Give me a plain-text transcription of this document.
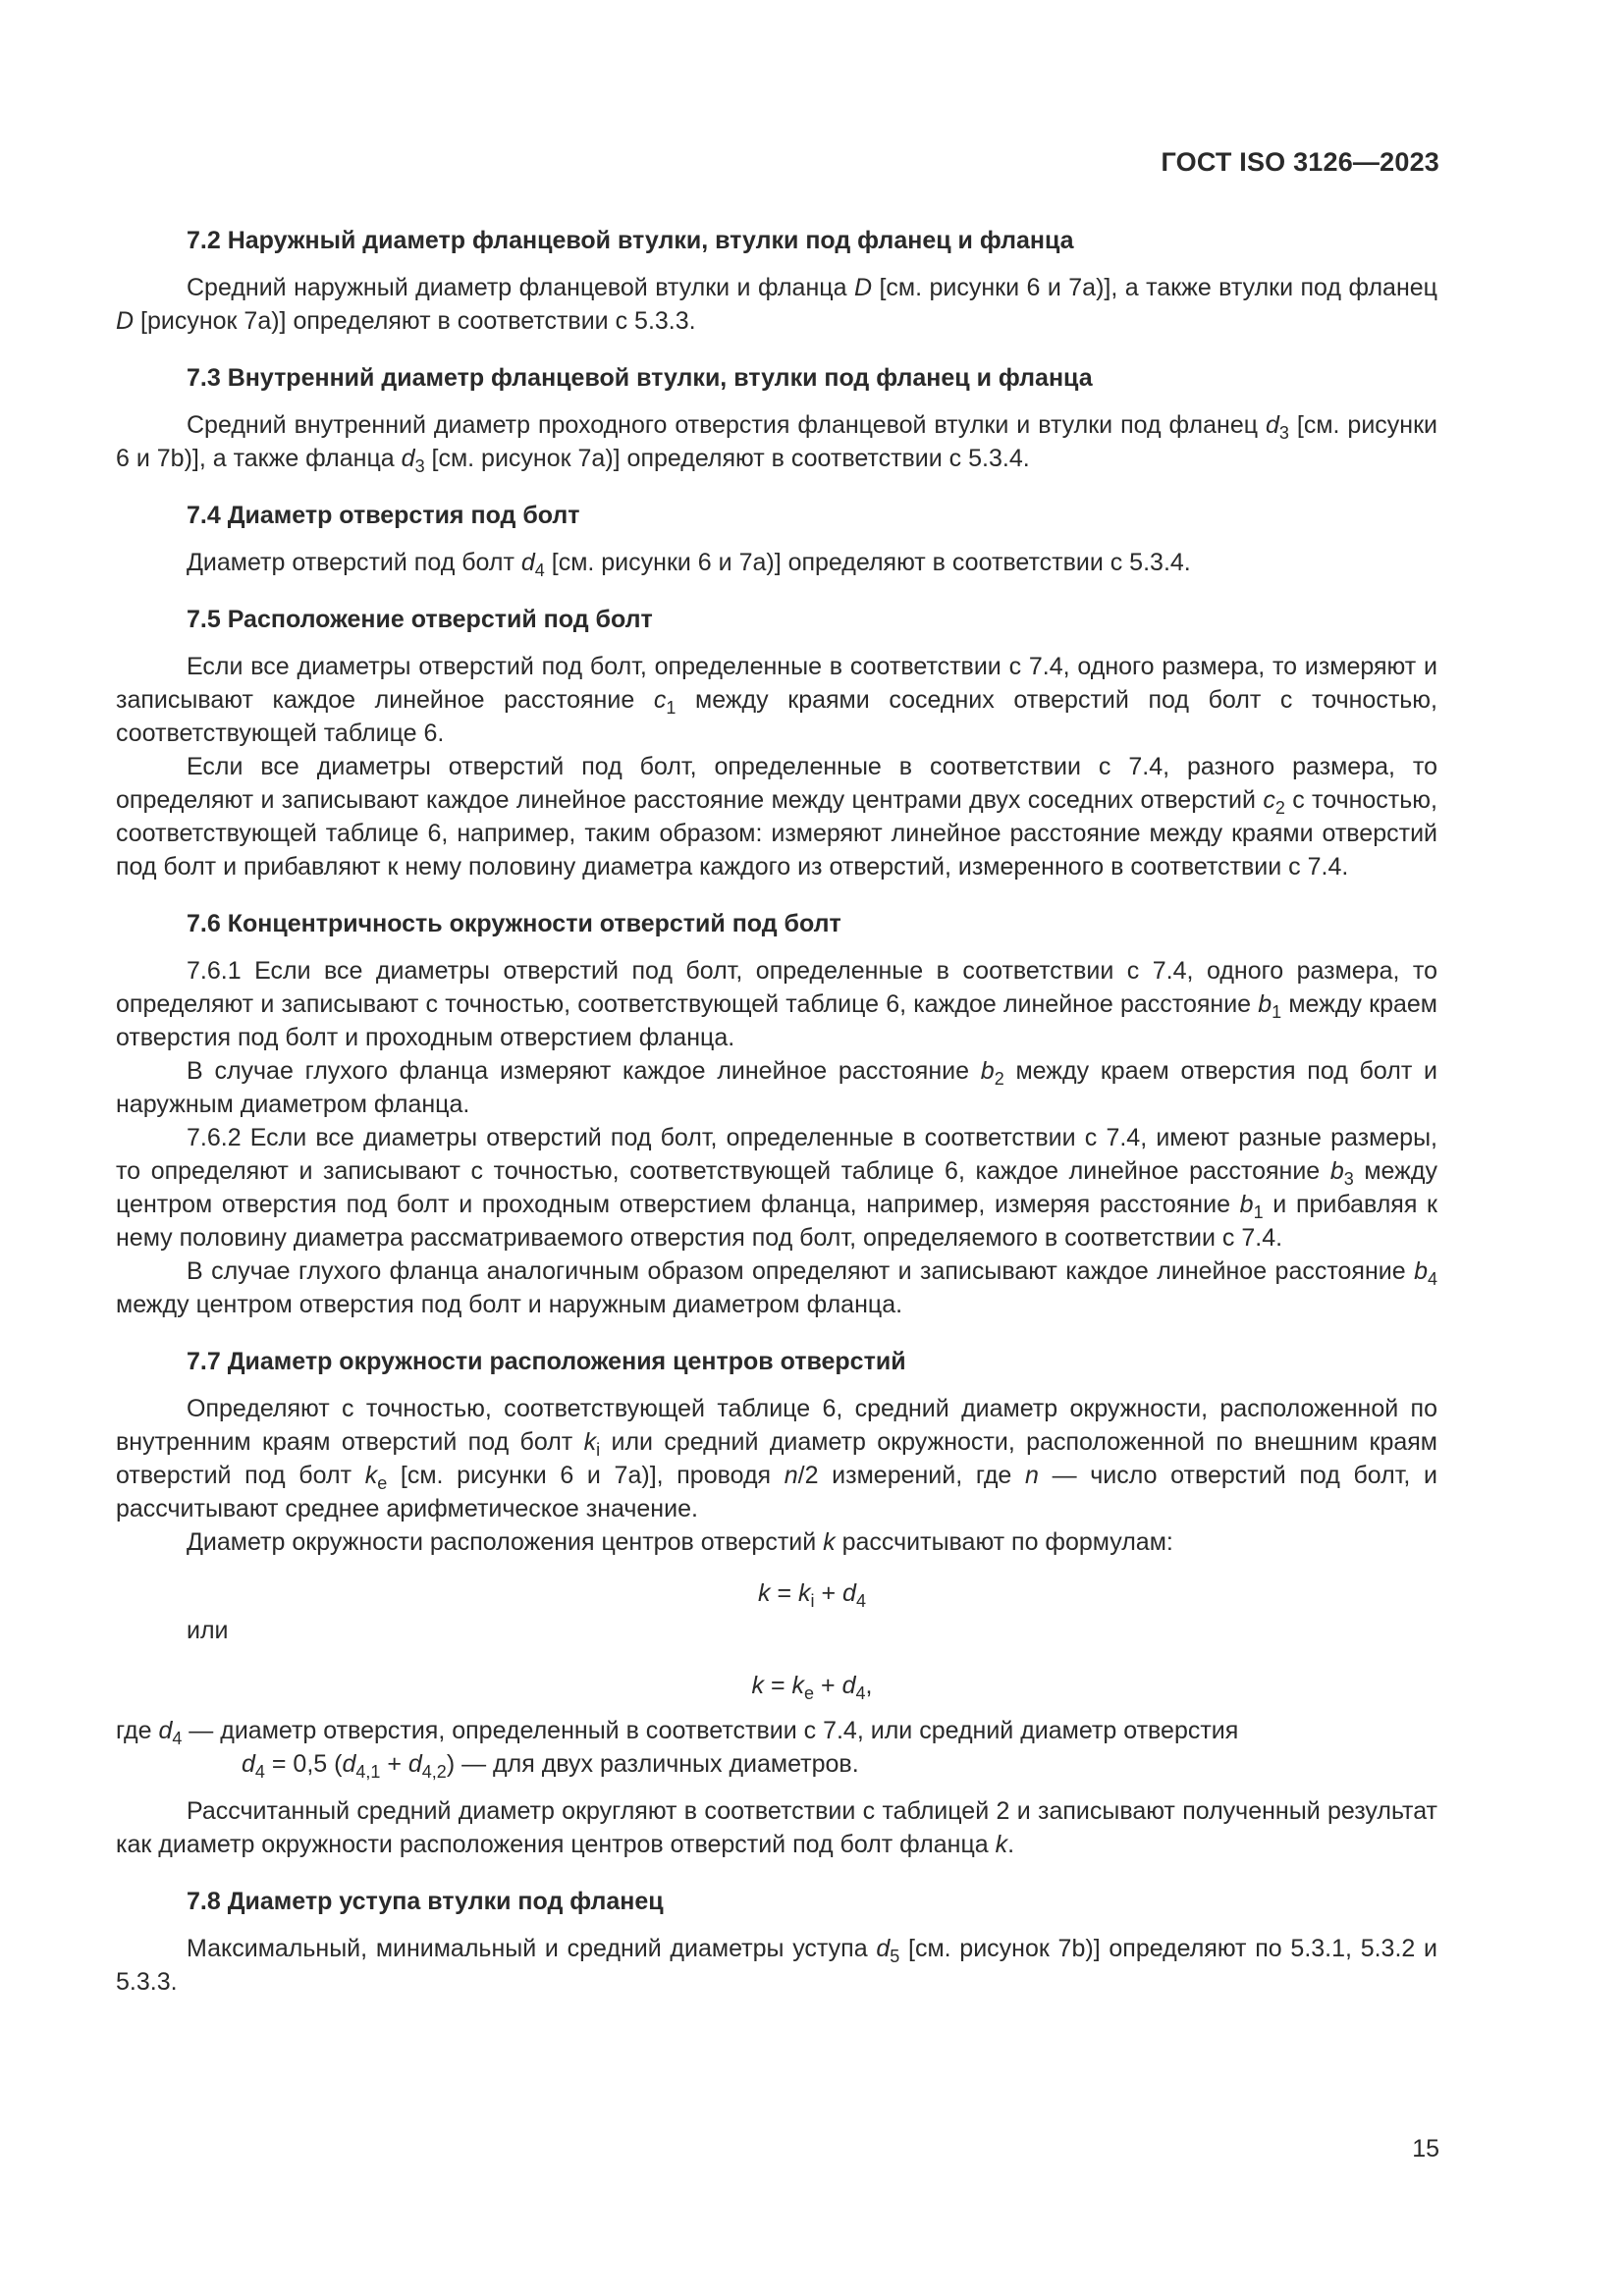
ГОСТ ISO 3126—2023
7.2 Наружный диаметр фланцевой втулки, втулки под фланец и фланца

Средний наружный диаметр фланцевой втулки и фланца D [см. рисунки 6 и 7а)], а также втулки под фланец D [рисунок 7а)] определяют в соответствии с 5.3.3.

7.3 Внутренний диаметр фланцевой втулки, втулки под фланец и фланца

Средний внутренний диаметр проходного отверстия фланцевой втулки и втулки под фланец $d_3$ [см. рисунки 6 и 7b)], а также фланца $d_3$ [см. рисунок 7а)] определяют в соответствии с 5.3.4.

7.4 Диаметр отверстия под болт

Диаметр отверстий под болт $d_4$ [см. рисунки 6 и 7а)] определяют в соответствии с 5.3.4.

7.5 Расположение отверстий под болт

Если все диаметры отверстий под болт, определенные в соответствии с 7.4, одного размера, то измеряют и записывают каждое линейное расстояние $c_1$ между краями соседних отверстий под болт с точностью, соответствующей таблице 6.

Если все диаметры отверстий под болт, определенные в соответствии с 7.4, разного размера, то определяют и записывают каждое линейное расстояние между центрами двух соседних отверстий $c_2$ с точностью, соответствующей таблице 6, например, таким образом: измеряют линейное расстояние между краями отверстий под болт и прибавляют к нему половину диаметра каждого из отверстий, измеренного в соответствии с 7.4.

7.6 Концентричность окружности отверстий под болт

7.6.1 Если все диаметры отверстий под болт, определенные в соответствии с 7.4, одного размера, то определяют и записывают с точностью, соответствующей таблице 6, каждое линейное расстояние $b_1$ между краем отверстия под болт и проходным отверстием фланца.

В случае глухого фланца измеряют каждое линейное расстояние $b_2$ между краем отверстия под болт и наружным диаметром фланца.

7.6.2 Если все диаметры отверстий под болт, определенные в соответствии с 7.4, имеют разные размеры, то определяют и записывают с точностью, соответствующей таблице 6, каждое линейное расстояние $b_3$ между центром отверстия под болт и проходным отверстием фланца, например, измеряя расстояние $b_1$ и прибавляя к нему половину диаметра рассматриваемого отверстия под болт, определяемого в соответствии с 7.4.

В случае глухого фланца аналогичным образом определяют и записывают каждое линейное расстояние $b_4$ между центром отверстия под болт и наружным диаметром фланца.

7.7 Диаметр окружности расположения центров отверстий

Определяют с точностью, соответствующей таблице 6, средний диаметр окружности, расположенной по внутренним краям отверстий под болт $k_i$ или средний диаметр окружности, расположенной по внешним краям отверстий под болт $k_e$ [см. рисунки 6 и 7а)], проводя n/2 измерений, где n — число отверстий под болт, и рассчитывают среднее арифметическое значение.

Диаметр окружности расположения центров отверстий k рассчитывают по формулам:

$k = k_i + d_4$

или

$k = k_e + d_4$,

где $d_4$ — диаметр отверстия, определенный в соответствии с 7.4, или средний диаметр отверстия

$d_4 = 0,5$ $(d_{4,1} + d_{4,2})$ — для двух различных диаметров.

Рассчитанный средний диаметр округляют в соответствии с таблицей 2 и записывают полученный результат как диаметр окружности расположения центров отверстий под болт фланца k.

7.8 Диаметр уступа втулки под фланец

Максимальный, минимальный и средний диаметры уступа $d_5$ [см. рисунок 7b)] определяют по 5.3.1, 5.3.2 и 5.3.3.

15
